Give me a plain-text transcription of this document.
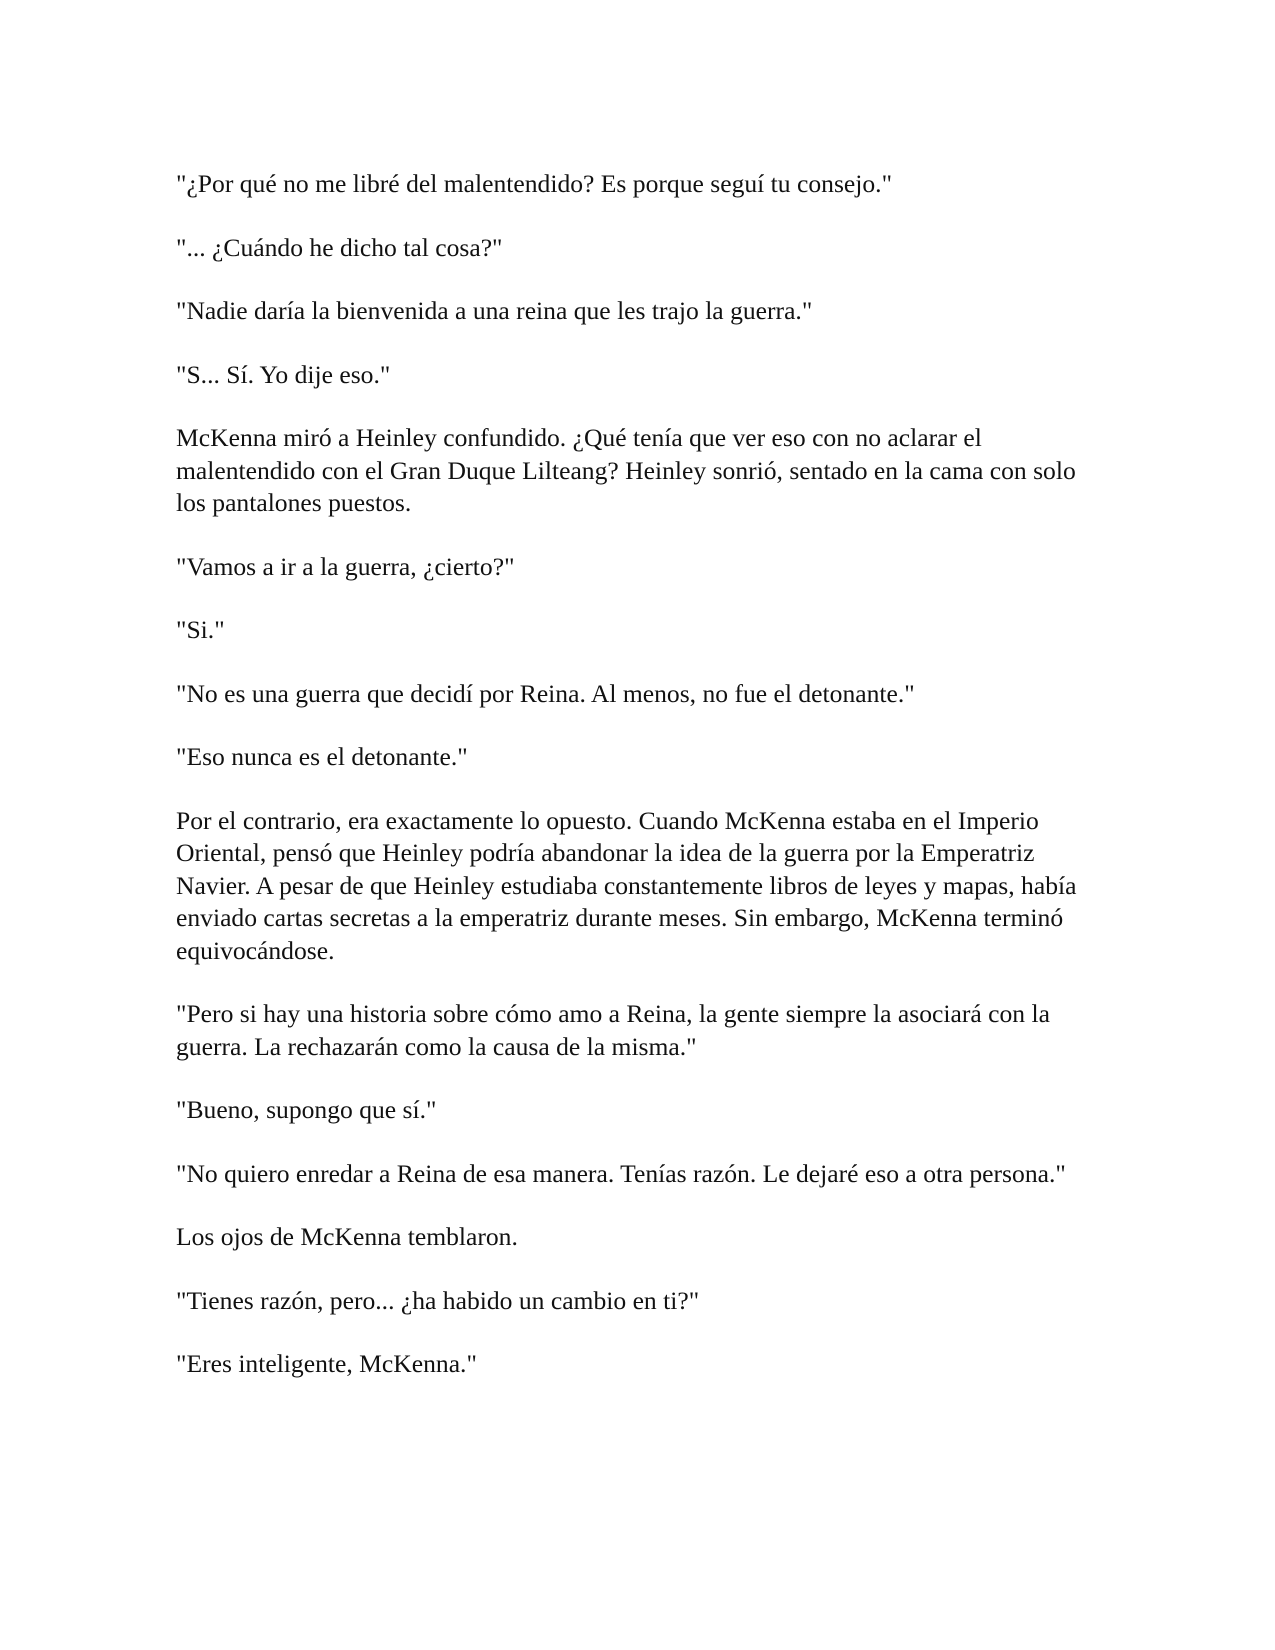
"¿Por qué no me libré del malentendido? Es porque seguí tu consejo."

"... ¿Cuándo he dicho tal cosa?"

"Nadie daría la bienvenida a una reina que les trajo la guerra."

"S... Sí. Yo dije eso."

McKenna miró a Heinley confundido. ¿Qué tenía que ver eso con no aclarar el malentendido con el Gran Duque Lilteang? Heinley sonrió, sentado en la cama con solo los pantalones puestos.

"Vamos a ir a la guerra, ¿cierto?"

"Si."

"No es una guerra que decidí por Reina. Al menos, no fue el detonante."

"Eso nunca es el detonante."

Por el contrario, era exactamente lo opuesto. Cuando McKenna estaba en el Imperio Oriental, pensó que Heinley podría abandonar la idea de la guerra por la Emperatriz Navier. A pesar de que Heinley estudiaba constantemente libros de leyes y mapas, había enviado cartas secretas a la emperatriz durante meses. Sin embargo, McKenna terminó equivocándose.

"Pero si hay una historia sobre cómo amo a Reina, la gente siempre la asociará con la guerra. La rechazarán como la causa de la misma."

"Bueno, supongo que sí."

"No quiero enredar a Reina de esa manera. Tenías razón. Le dejaré eso a otra persona."

Los ojos de McKenna temblaron.

"Tienes razón, pero... ¿ha habido un cambio en ti?"

"Eres inteligente, McKenna."
